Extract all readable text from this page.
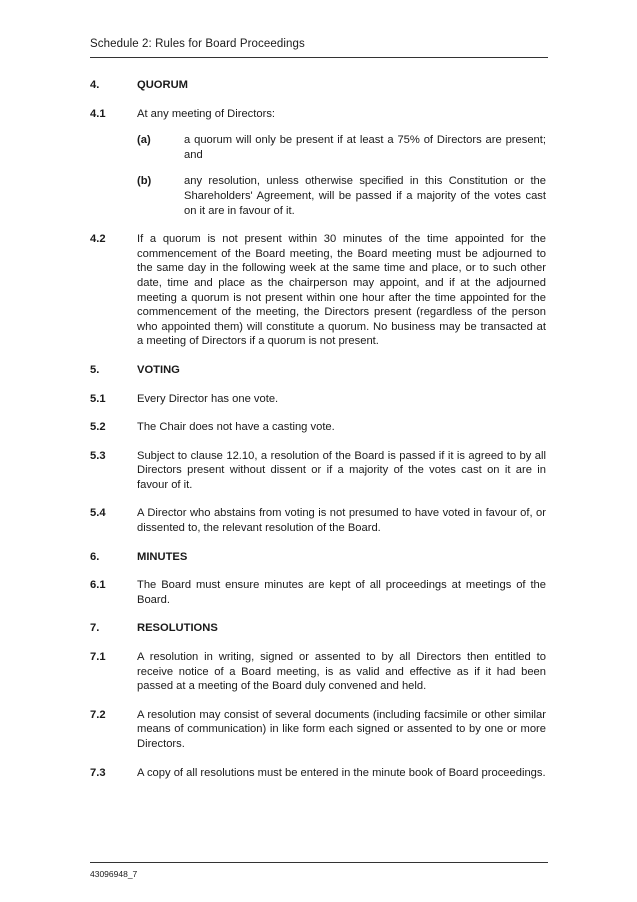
Schedule 2: Rules for Board Proceedings
4.	QUORUM
4.1	At any meeting of Directors:
(a)	a quorum will only be present if at least a 75% of Directors are present; and
(b)	any resolution, unless otherwise specified in this Constitution or the Shareholders' Agreement, will be passed if a majority of the votes cast on it are in favour of it.
4.2	If a quorum is not present within 30 minutes of the time appointed for the commencement of the Board meeting, the Board meeting must be adjourned to the same day in the following week at the same time and place, or to such other date, time and place as the chairperson may appoint, and if at the adjourned meeting a quorum is not present within one hour after the time appointed for the commencement of the meeting, the Directors present (regardless of the person who appointed them) will constitute a quorum. No business may be transacted at a meeting of Directors if a quorum is not present.
5.	VOTING
5.1	Every Director has one vote.
5.2	The Chair does not have a casting vote.
5.3	Subject to clause 12.10, a resolution of the Board is passed if it is agreed to by all Directors present without dissent or if a majority of the votes cast on it are in favour of it.
5.4	A Director who abstains from voting is not presumed to have voted in favour of, or dissented to, the relevant resolution of the Board.
6.	MINUTES
6.1	The Board must ensure minutes are kept of all proceedings at meetings of the Board.
7.	RESOLUTIONS
7.1	A resolution in writing, signed or assented to by all Directors then entitled to receive notice of a Board meeting, is as valid and effective as if it had been passed at a meeting of the Board duly convened and held.
7.2	A resolution may consist of several documents (including facsimile or other similar means of communication) in like form each signed or assented to by one or more Directors.
7.3	A copy of all resolutions must be entered in the minute book of Board proceedings.
43096948_7
